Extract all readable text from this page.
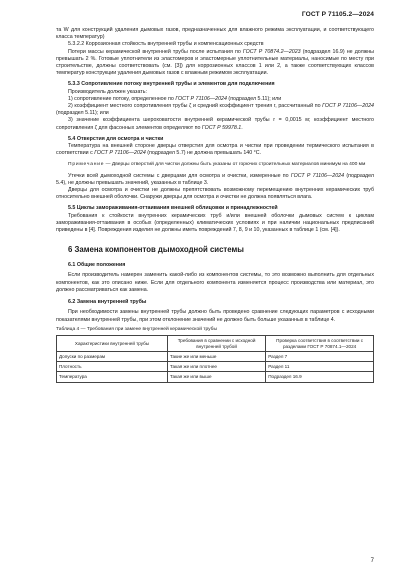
ГОСТ Р 71105.2—2024

та W для конструкций удаления дымовых газов, предназначенных для влажного режима эксплуатации, и соответствующего класса температур)

5.3.2.2 Коррозионная стойкость внутренней трубы и компенсационных средств

Потери массы керамической внутренней трубы после испытания по ГОСТ Р 70874.2—2023 (подраздел 16.9) не должны превышать 2 %. Готовые уплотнители из эластомеров и эластомерные уплотнительные материалы, наносимые по месту при строительстве, должны соответствовать (см. [3]) для коррозионных классов 1 или 2, а также соответствующих классов температур конструкции удаления дымовых газов с влажным режимом эксплуатации.

5.3.3 Сопротивление потоку внутренней трубы и элементов для подключения

Производитель должен указать:

1) сопротивление потоку, определенное по ГОСТ Р 71106—2024 (подраздел 5.11); или

2) коэффициент местного сопротивления трубы ζ и средний коэффициент трения r, рассчитанный по ГОСТ Р 71106—2024 (подраздел 5.11); или

3) значение коэффициента шероховатости внутренней керамической трубы r = 0,0015 м; коэффициент местного сопротивления ζ для фасонных элементов определяют по ГОСТ Р 59978.1.

5.4 Отверстия для осмотра и чистки

Температура на внешней стороне дверцы отверстия для осмотра и чистки при проведении термического испытания в соответствии с ГОСТ Р 71106—2024 (подраздел 5.7) не должна превышать 140 °С.

Примечание — Дверцы отверстий для чистки должны быть указаны от горючих строительных материалов минимум на 400 мм

Утечки всей дымоходной системы с дверцами для осмотра и очистки, измеренные по ГОСТ Р 71106—2024 (подраздел 5.4), не должны превышать значений, указанных в таблице 3.

Дверцы для осмотра и очистки не должны препятствовать возможному перемещению внутренних керамических труб относительно внешней оболочки. Снаружи дверцы для осмотра и очистки не должна появляться влага.

5.5 Циклы замораживания-оттаивания внешней облицовки и принадлежностей

Требования к стойкости внутренних керамических труб и/или внешней оболочки дымовых систем к циклам замораживания-оттаивания в особых (определенных) климатических условиях и при наличии национальных предписаний приведены в [4]. Повреждения изделия не должны иметь повреждений 7, 8, 9 и 10, указанных в таблице 1 (см. [4]).

6 Замена компонентов дымоходной системы

6.1 Общие положения

Если производитель намерен заменить какой-либо из компонентов системы, то это возможно выполнить для отдельных компонентов, как это описано ниже. Если для отдельного компонента изменяется процесс производства или материал, это должно рассматриваться как замена.

6.2 Замена внутренней трубы

При необходимости замены внутренней трубы должно быть проведено сравнение следующих параметров с исходными показателями внутренней трубы, при этом отклонение значений не должно быть больше указанных в таблице 4.

Таблица 4 — Требования при замене внутренней керамической трубы

Характеристики внутренней трубы	Требования в сравнении с исходной внутренней трубой	Проверка соответствия в соответствии с разделами ГОСТ Р 70874.1—2024
Допуски по размерам	Такие же или меньше	Раздел 7
Плотность	Такая же или плотнее	Раздел 11
Температура	Такая же или выше	Подраздел 16.9
7
